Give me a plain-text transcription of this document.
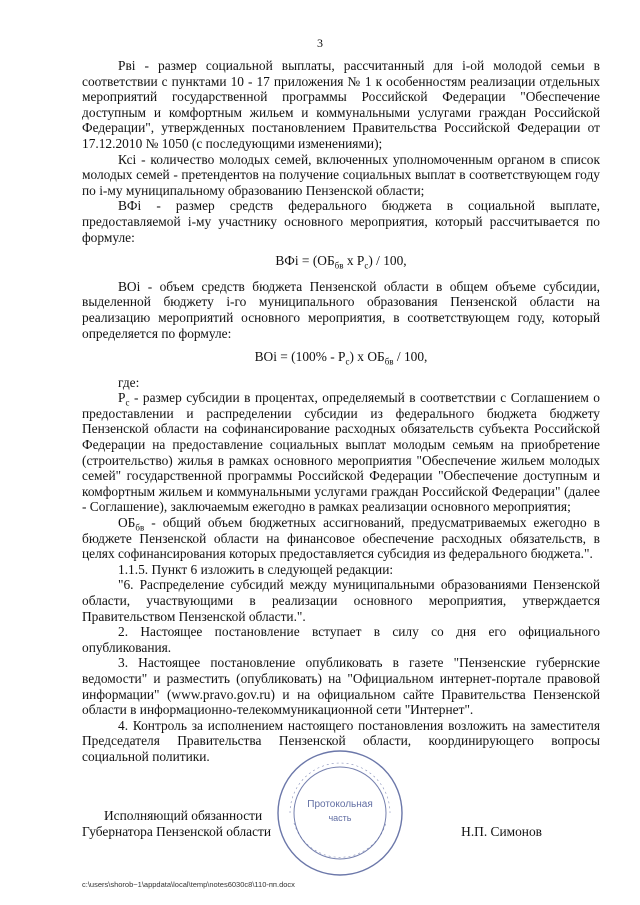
3

Рвi - размер социальной выплаты, рассчитанный для i-ой молодой семьи в соответствии с пунктами 10 - 17 приложения № 1 к особенностям реализации отдельных мероприятий государственной программы Российской Федерации "Обеспечение доступным и комфортным жильем и коммунальными услугами граждан Российской Федерации", утвержденных постановлением Правительства Российской Федерации от 17.12.2010 № 1050 (с последующими изменениями);

Ксi - количество молодых семей, включенных уполномоченным органом в список молодых семей - претендентов на получение социальных выплат в соответствующем году по i-му муниципальному образованию Пензенской области;

ВФi - размер средств федерального бюджета в социальной выплате, предоставляемой i-му участнику основного мероприятия, который рассчитывается по формуле:

ВФi = ($ОБ_{бв}$ х $Р_с) / 100$,

ВОi - объем средств бюджета Пензенской области в общем объеме субсидии, выделенной бюджету i-го муниципального образования Пензенской области на реализацию мероприятий основного мероприятия, в соответствующем году, который определяется по формуле:

ВОi = $(100\% - Р_с)$ х $ОБ_{бв} / 100$,

где:

$Р_с$ - размер субсидии в процентах, определяемый в соответствии с Соглашением о предоставлении и распределении субсидии из федерального бюджета бюджету Пензенской области на софинансирование расходных обязательств субъекта Российской Федерации на предоставление социальных выплат молодым семьям на приобретение (строительство) жилья в рамках основного мероприятия "Обеспечение жильем молодых семей" государственной программы Российской Федерации "Обеспечение доступным и комфортным жильем и коммунальными услугами граждан Российской Федерации" (далее - Соглашение), заключаемым ежегодно в рамках реализации основного мероприятия;

$ОБ_{бв}$ - общий объем бюджетных ассигнований, предусматриваемых ежегодно в бюджете Пензенской области на финансовое обеспечение расходных обязательств, в целях софинансирования которых предоставляется субсидия из федерального бюджета.".

1.1.5. Пункт 6 изложить в следующей редакции:

"6. Распределение субсидий между муниципальными образованиями Пензенской области, участвующими в реализации основного мероприятия, утверждается Правительством Пензенской области.".

2. Настоящее постановление вступает в силу со дня его официального опубликования.

3. Настоящее постановление опубликовать в газете "Пензенские губернские ведомости" и разместить (опубликовать) на "Официальном интернет-портале правовой информации" (www.pravo.gov.ru) и на официальном сайте Правительства Пензенской области в информационно-телекоммуникационной сети "Интернет".

4. Контроль за исполнением настоящего постановления возложить на заместителя Председателя Правительства Пензенской области, координирующего вопросы социальной политики.

Исполняющий обязанности
Губернатора Пензенской области	Н.П. Симонов
Протокольная
часть
c:\users\shorob~1\appdata\local\temp\notes6030c8\110-пп.docx
